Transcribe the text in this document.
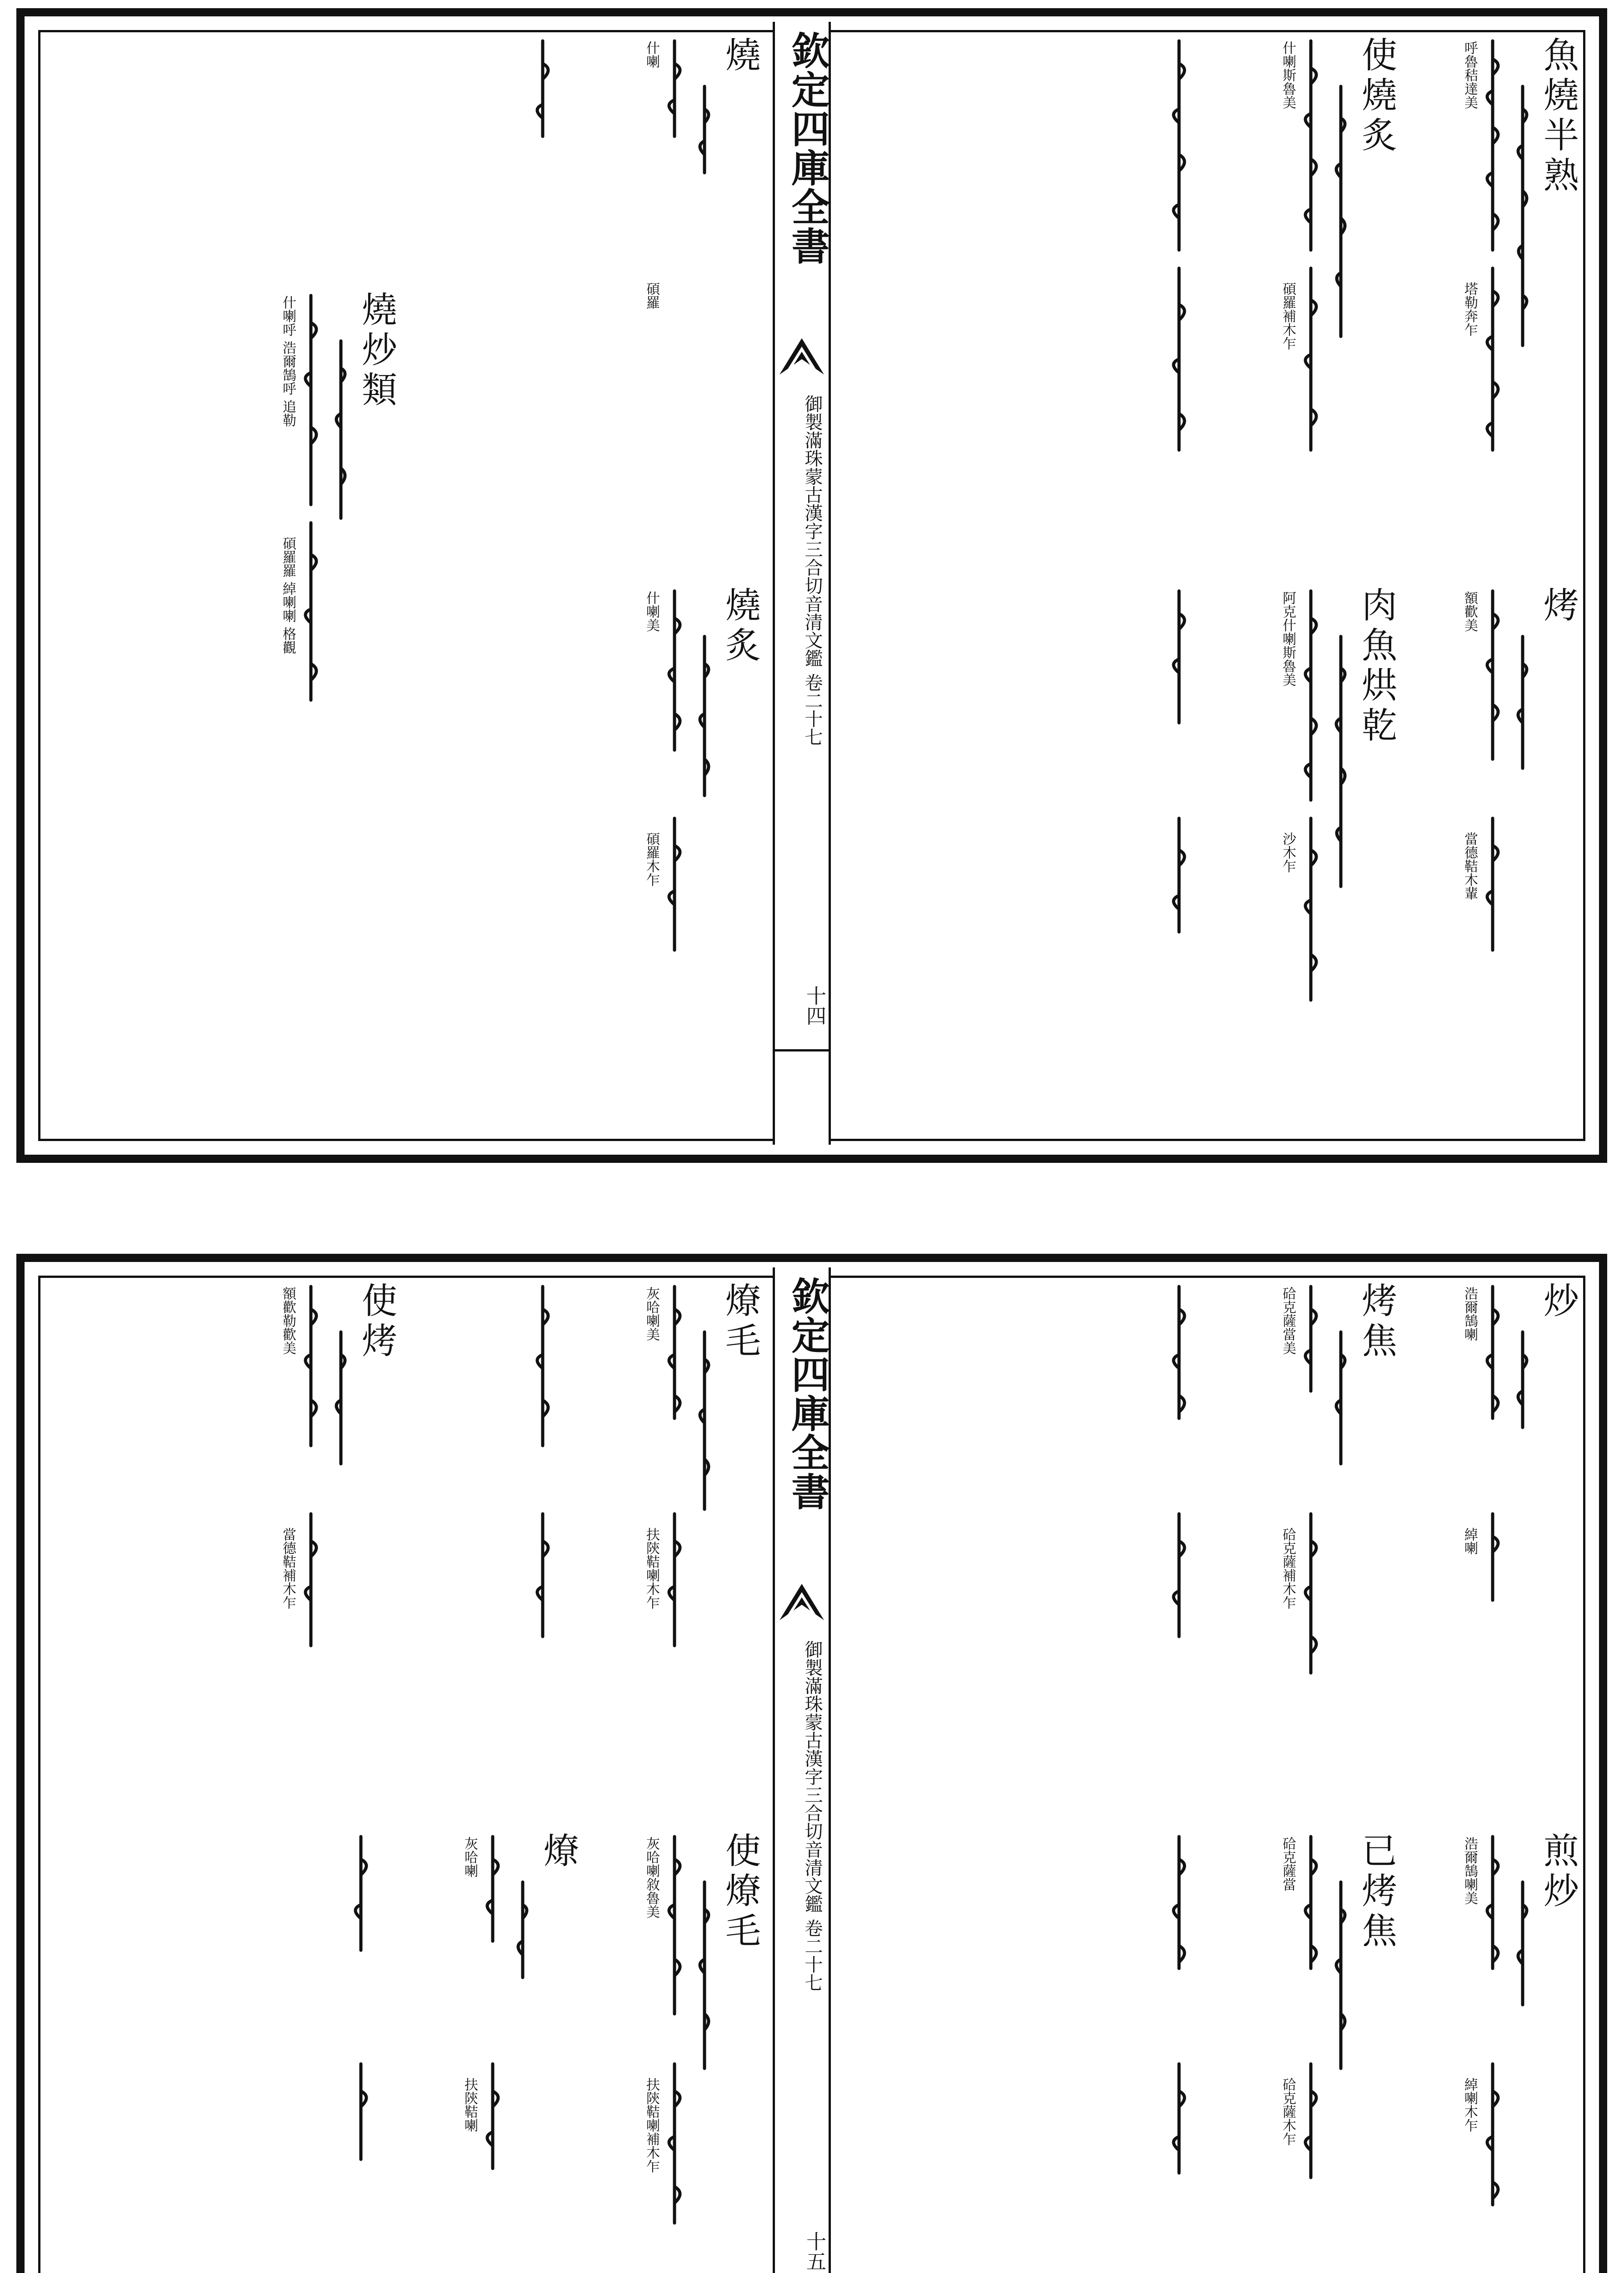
魚燒半熟
呼魯秸達美
塔勒奔乍
使燒炙
什喇斯魯美
碩羅補木乍
烤
額歡美
當德鞊木輩
肉魚烘乾
阿克什喇斯魯美
沙木乍
欽定四庫全書
御製滿珠蒙古漢字三合切音清文鑑 卷二十七
十四
燒
什喇
碩羅
燒炒類
什喇呼 浩爾鵠呼 追勒
碩羅羅 綽喇喇 格觀	燒炙
什喇美
碩羅木乍
炒
浩爾鵠喇
綽喇
烤焦
硆克薩當美
硆克薩補木乍
煎炒
浩爾鵠喇美
綽喇木乍
已烤焦
硆克薩當
硆克薩木乍
欽定四庫全書
御製滿珠蒙古漢字三合切音清文鑑 卷二十七
十五
燎毛
灰哈喇美
扶陝鞊喇木乍
使烤
額歡勒歡美
當德鞊補木乍
使燎毛
灰哈喇敘魯美
扶陝鞊喇補木乍
燎
灰哈喇
扶陝鞊喇
